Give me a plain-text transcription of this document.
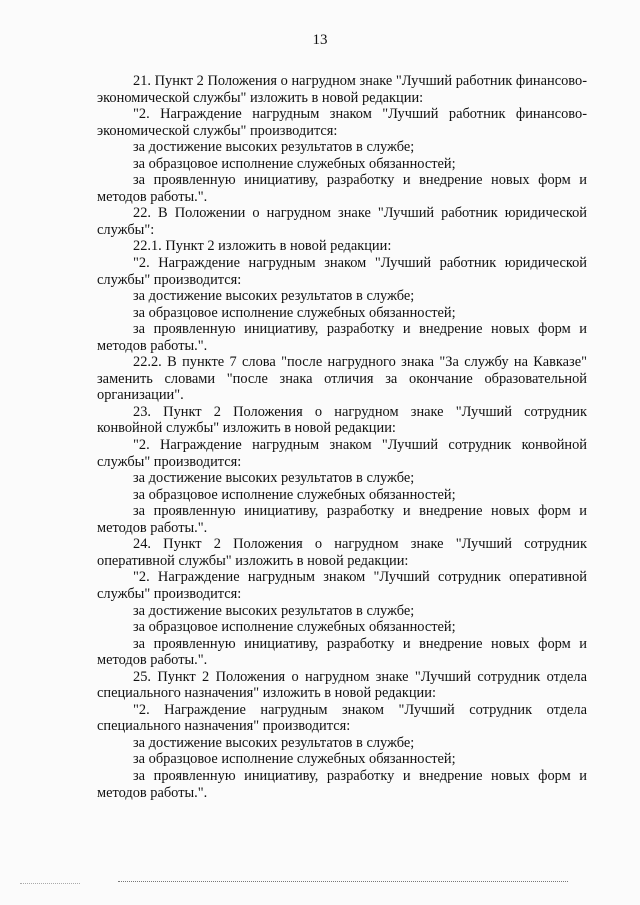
13

21. Пункт 2 Положения о нагрудном знаке "Лучший работник финансово-экономической службы" изложить в новой редакции:

"2. Награждение нагрудным знаком "Лучший работник финансово-экономической службы" производится:

за достижение высоких результатов в службе;

за образцовое исполнение служебных обязанностей;

за проявленную инициативу, разработку и внедрение новых форм и методов работы.".

22. В Положении о нагрудном знаке "Лучший работник юридической службы":

22.1. Пункт 2 изложить в новой редакции:

"2. Награждение нагрудным знаком "Лучший работник юридической службы" производится:

за достижение высоких результатов в службе;

за образцовое исполнение служебных обязанностей;

за проявленную инициативу, разработку и внедрение новых форм и методов работы.".

22.2. В пункте 7 слова "после нагрудного знака "За службу на Кавказе" заменить словами "после знака отличия за окончание образовательной организации".

23. Пункт 2 Положения о нагрудном знаке "Лучший сотрудник конвойной службы" изложить в новой редакции:

"2. Награждение нагрудным знаком "Лучший сотрудник конвойной службы" производится:

за достижение высоких результатов в службе;

за образцовое исполнение служебных обязанностей;

за проявленную инициативу, разработку и внедрение новых форм и методов работы.".

24. Пункт 2 Положения о нагрудном знаке "Лучший сотрудник оперативной службы" изложить в новой редакции:

"2. Награждение нагрудным знаком "Лучший сотрудник оперативной службы" производится:

за достижение высоких результатов в службе;

за образцовое исполнение служебных обязанностей;

за проявленную инициативу, разработку и внедрение новых форм и методов работы.".

25. Пункт 2 Положения о нагрудном знаке "Лучший сотрудник отдела специального назначения" изложить в новой редакции:

"2. Награждение нагрудным знаком "Лучший сотрудник отдела специального назначения" производится:

за достижение высоких результатов в службе;

за образцовое исполнение служебных обязанностей;

за проявленную инициативу, разработку и внедрение новых форм и методов работы.".
